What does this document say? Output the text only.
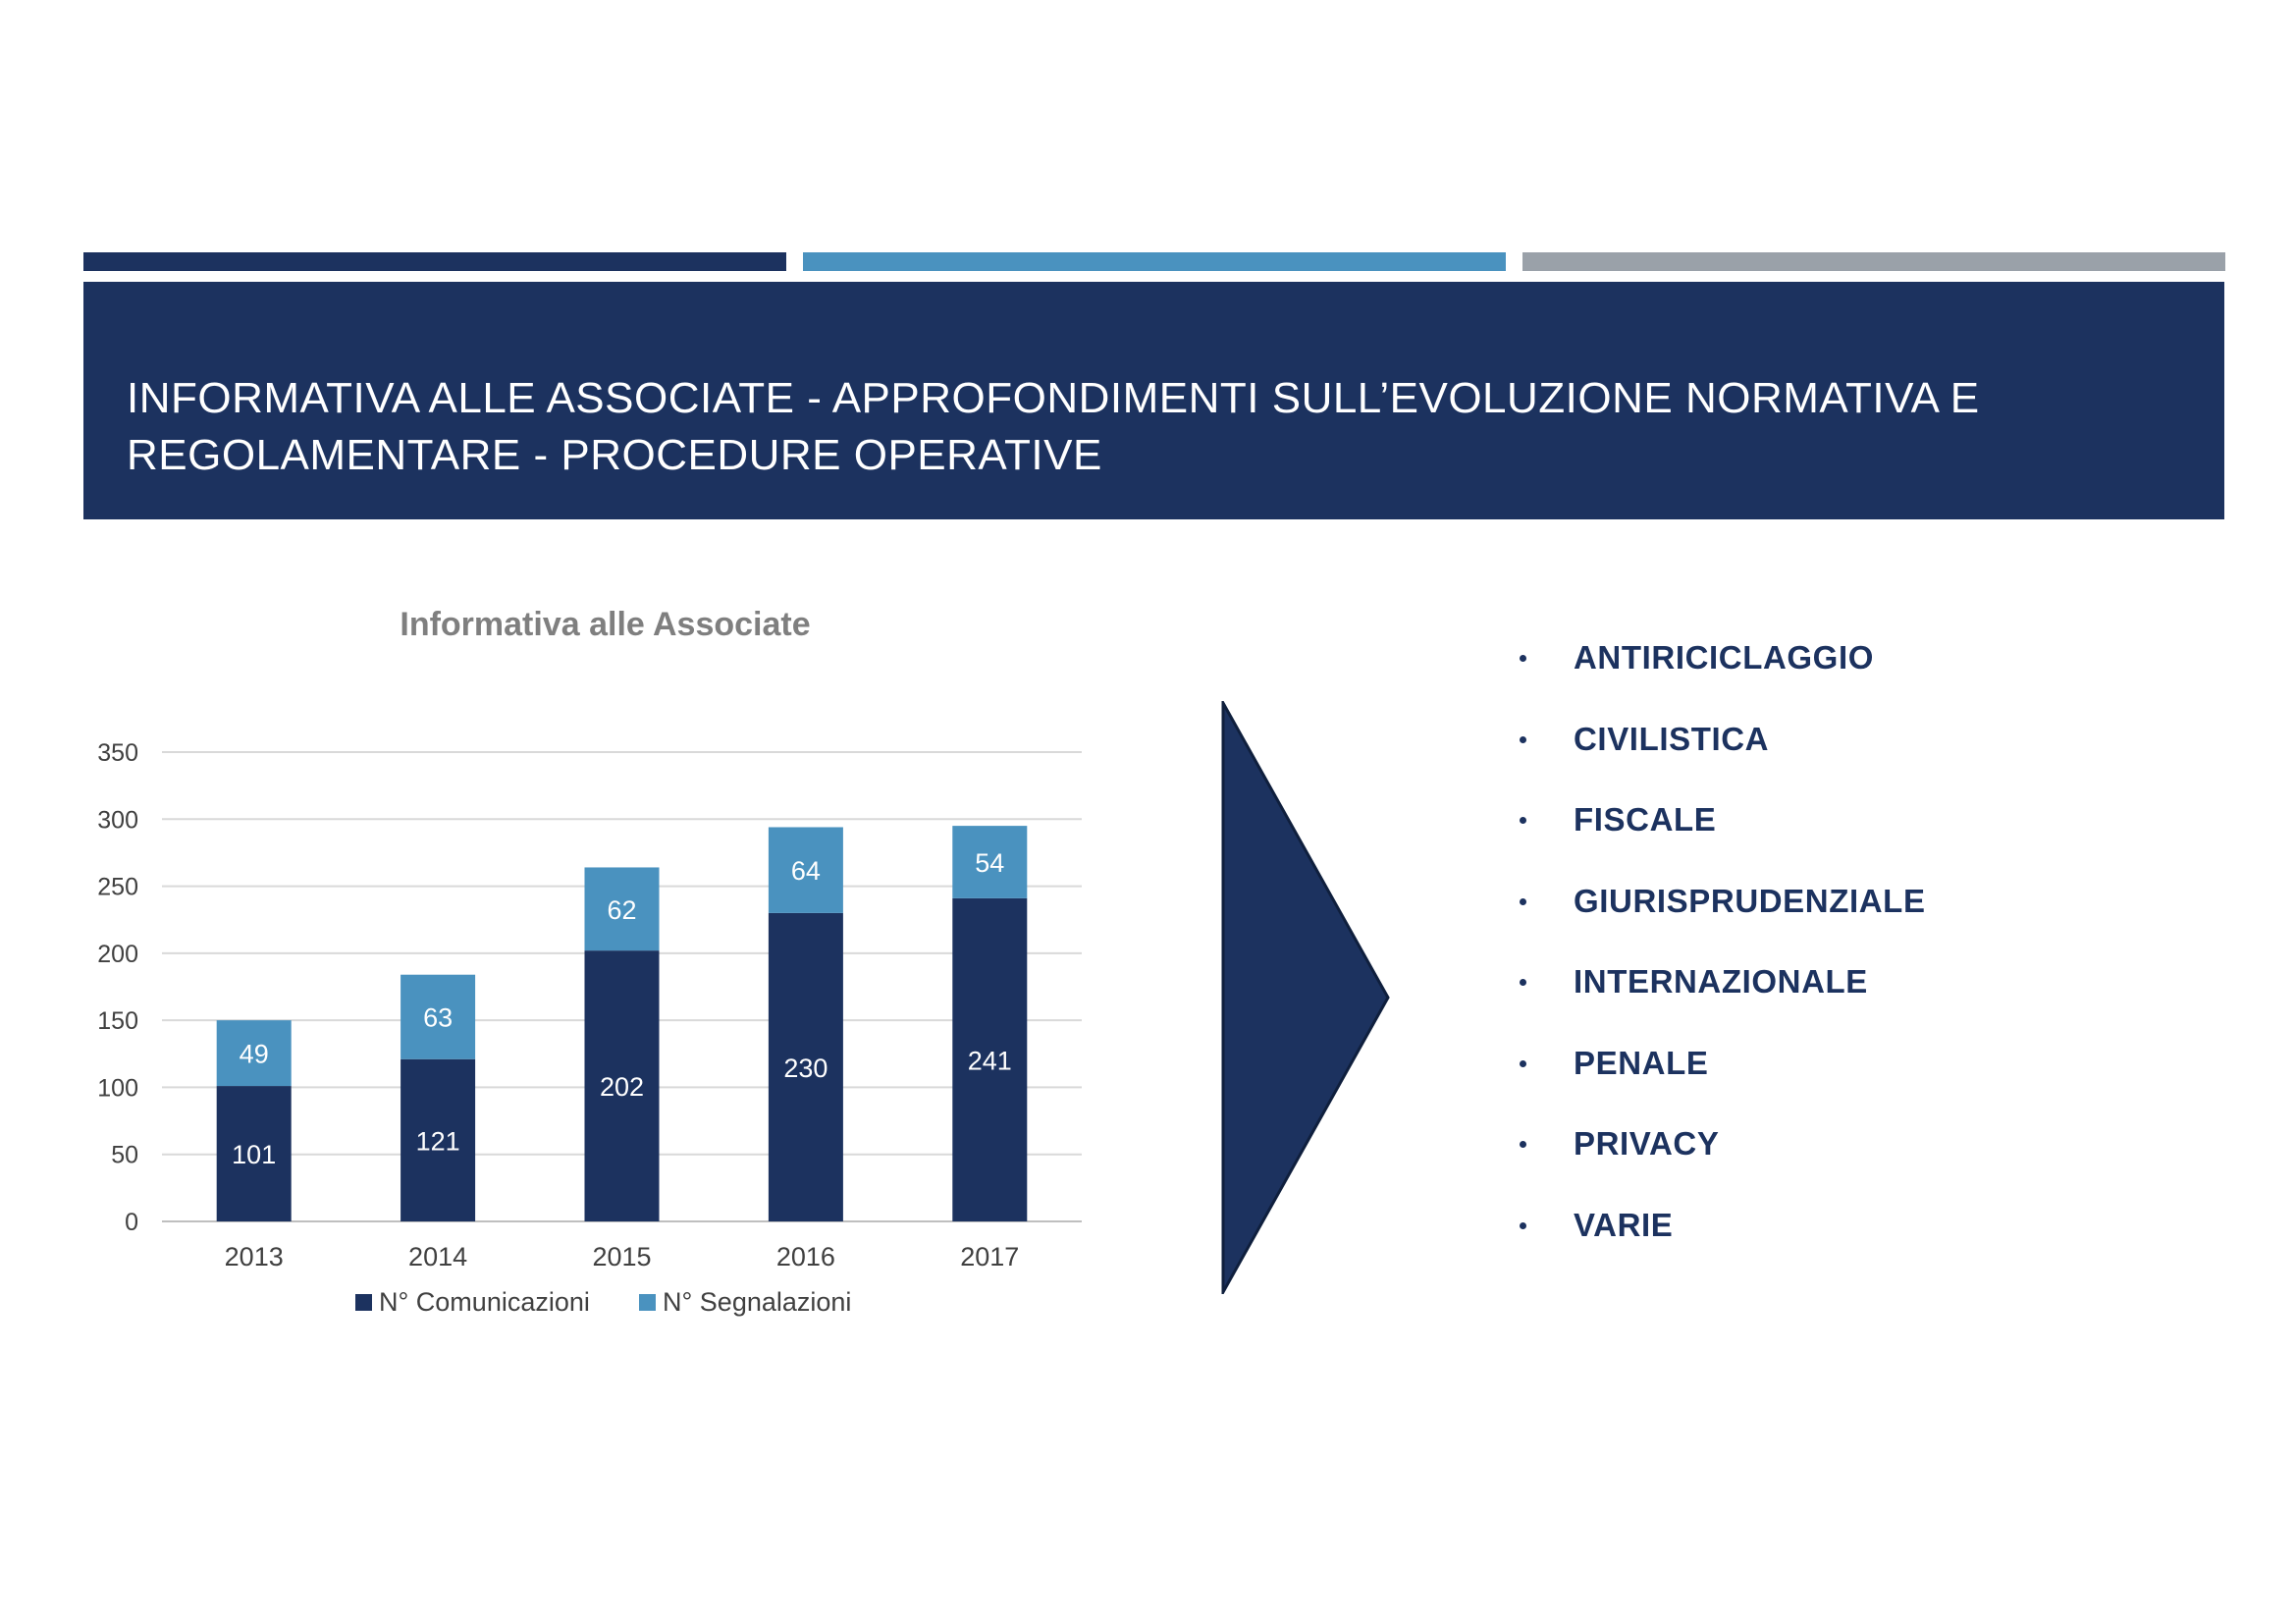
INFORMATIVA ALLE ASSOCIATE - APPROFONDIMENTI SULL’EVOLUZIONE NORMATIVA E REGOLAMENTARE - PROCEDURE OPERATIVE
Informativa alle Associate
0
50
100
150
200
250
300
350
101
49
2013
121
63
2014
202
62
2015
230
64
2016
241
54
2017
N° Comunicazioni	N° Segnalazioni
ANTIRICICLAGGIO
CIVILISTICA
FISCALE
GIURISPRUDENZIALE
INTERNAZIONALE
PENALE
PRIVACY
VARIE
